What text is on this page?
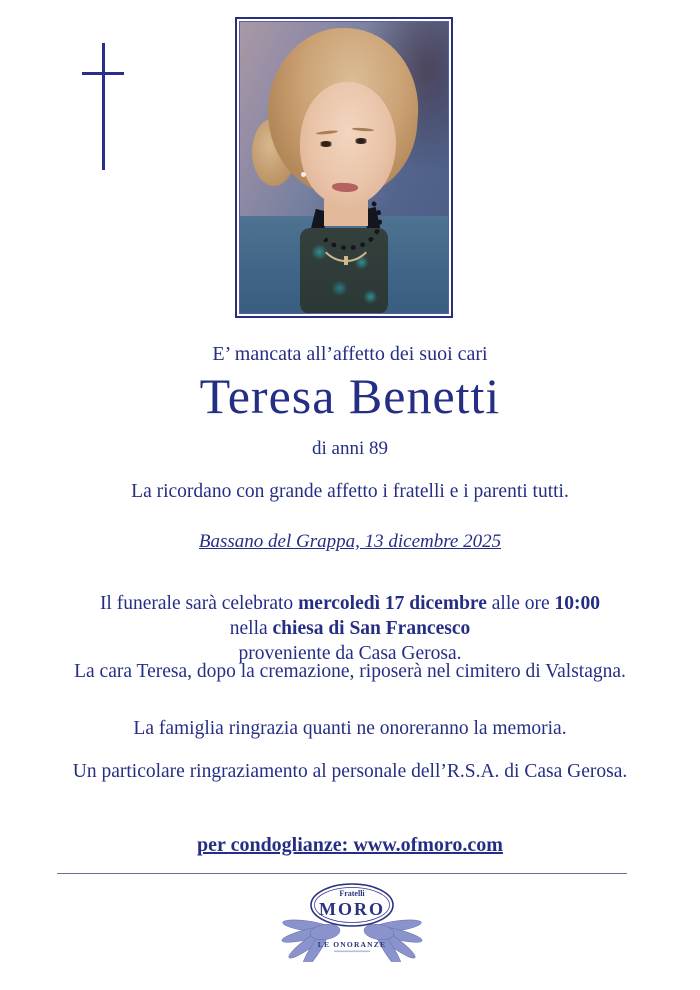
E’ mancata all’affetto dei suoi cari
Teresa Benetti
di anni 89
La ricordano con grande affetto i fratelli e i parenti tutti.
Bassano del Grappa, 13 dicembre 2025
Il funerale sarà celebrato mercoledì 17 dicembre alle ore 10:00
nella chiesa di San Francesco
proveniente da Casa Gerosa.
La cara Teresa, dopo la cremazione, riposerà nel cimitero di Valstagna.
La famiglia ringrazia quanti ne onoreranno la memoria.
Un particolare ringraziamento al personale dell’R.S.A. di Casa Gerosa.
per condoglianze: www.ofmoro.com
Fratelli
MORO
LE ONORANZE
